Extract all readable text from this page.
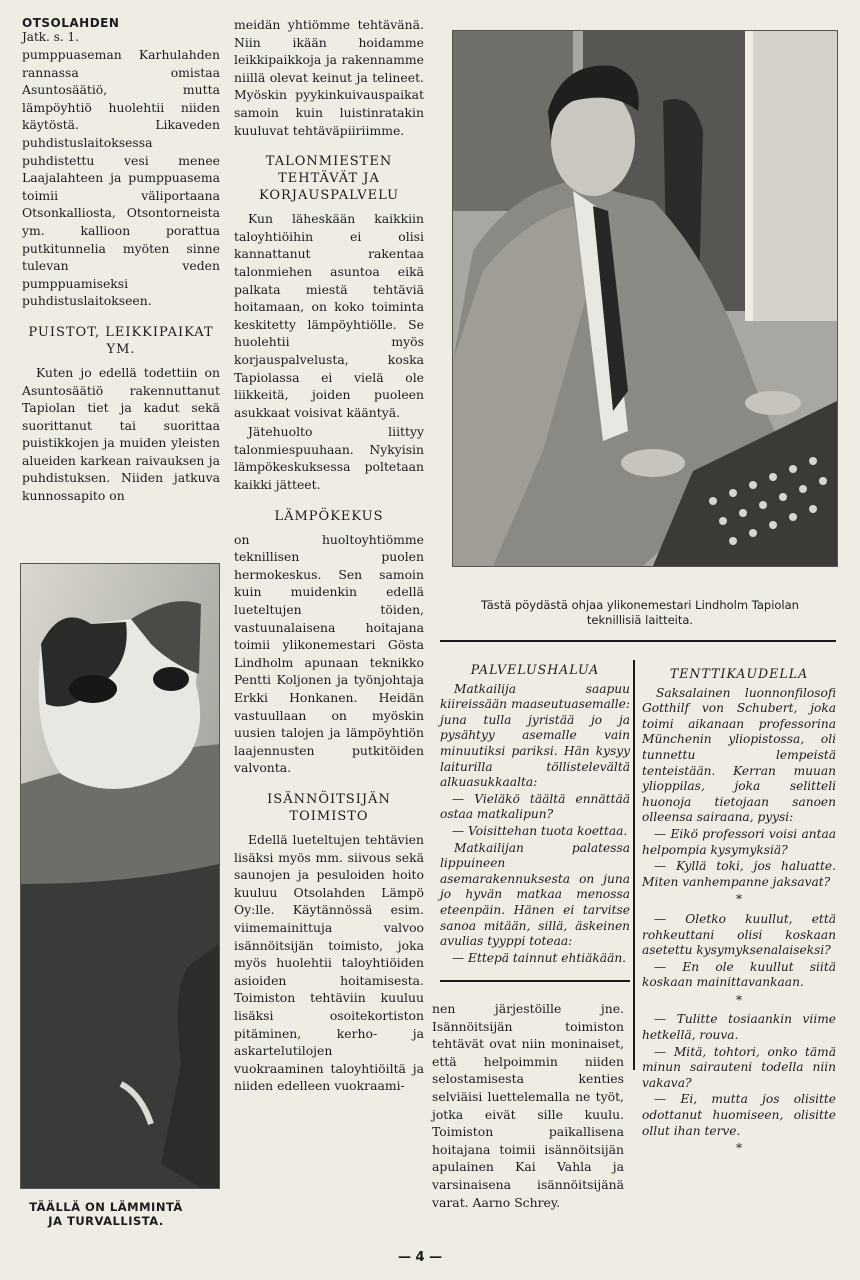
OTSOLAHDEN
Jatk. s. 1.

pumppuaseman Karhulahden rannassa omistaa Asuntosäätiö, mutta lämpöyhtiö huolehtii niiden käytöstä. Likaveden puhdistuslaitoksessa puhdistettu vesi menee Laajalahteen ja pumppuasema toimii väliportaana Otsonkalliosta, Otsontorneista ym. kallioon porattua putkitunnelia myöten sinne tulevan veden pumppuamiseksi puhdistuslaitokseen.

PUISTOT, LEIKKIPAIKAT YM.

Kuten jo edellä todettiin on Asuntosäätiö rakennuttanut Tapiolan tiet ja kadut sekä suorittanut tai suorittaa puistikkojen ja muiden yleisten alueiden karkean raivauksen ja puhdistuksen. Niiden jatkuva kunnossapito on

TÄÄLLÄ ON LÄMMINTÄ JA TURVALLISTA.

meidän yhtiömme tehtävänä. Niin ikään hoidamme leikkipaikkoja ja rakennamme niillä olevat keinut ja telineet. Myöskin pyykinkuivauspaikat samoin kuin luistinratakin kuuluvat tehtäväpiiriimme.

TALONMIESTEN TEHTÄVÄT JA KORJAUSPALVELU

Kun läheskään kaikkiin taloyhtiöihin ei olisi kannattanut rakentaa talonmiehen asuntoa eikä palkata miestä tehtäviä hoitamaan, on koko toiminta keskitetty lämpöyhtiölle. Se huolehtii myös korjauspalvelusta, koska Tapiolassa ei vielä ole liikkeitä, joiden puoleen asukkaat voisivat kääntyä.

Jätehuolto liittyy talonmiespuuhaan. Nykyisin lämpökeskuksessa poltetaan kaikki jätteet.

LÄMPÖKEKUS

on huoltoyhtiömme teknillisen puolen hermokeskus. Sen samoin kuin muidenkin edellä lueteltujen töiden, vastuunalaisena hoitajana toimii ylikonemestari Gösta Lindholm apunaan teknikko Pentti Koljonen ja työnjohtaja Erkki Honkanen. Heidän vastuullaan on myöskin uusien talojen ja lämpöyhtiön laajennusten putkitöiden valvonta.

ISÄNNÖITSIJÄN TOIMISTO

Edellä lueteltujen tehtävien lisäksi myös mm. siivous sekä saunojen ja pesuloiden hoito kuuluu Otsolahden Lämpö Oy:lle. Käytännössä esim. viimemainittuja valvoo isännöitsijän toimisto, joka myös huolehtii taloyhtiöiden asioiden hoitamisesta. Toimiston tehtäviin kuuluu lisäksi osoitekortiston pitäminen, kerho- ja askartelutilojen vuokraaminen taloyhtiöiltä ja niiden edelleen vuokraami-

Tästä pöydästä ohjaa ylikonemestari Lindholm Tapiolan teknillisiä laitteita.
PALVELUSHALUA

Matkailija saapuu kiireissään maaseutuasemalle: juna tulla jyristää jo ja pysähtyy asemalle vain minuutiksi pariksi. Hän kysyy laiturilla töllistelevältä alkuasukkaalta:

— Vieläkö täältä ennättää ostaa matkalipun?

— Voisittehan tuota koettaa.

Matkailijan palatessa lippuineen asemarakennuksesta on juna jo hyvän matkaa menossa eteenpäin. Hänen ei tarvitse sanoa mitään, sillä, äskeinen avulias tyyppi toteaa:

— Ettepä tainnut ehtiäkään.

nen järjestöille jne. Isännöitsijän toimiston tehtävät ovat niin moninaiset, että helpoimmin niiden selostamisesta kenties selviäisi luettelemalla ne työt, jotka eivät sille kuulu. Toimiston paikallisena hoitajana toimii isännöitsijän apulainen Kai Vahla ja varsinaisena isännöitsijänä varat. Aarno Schrey.

TENTTIKAUDELLA

Saksalainen luonnonfilosofi Gotthilf von Schubert, joka toimi aikanaan professorina Münchenin yliopistossa, oli tunnettu lempeistä tenteistään. Kerran muuan ylioppilas, joka selitteli huonoja tietojaan sanoen olleensa sairaana, pyysi:

— Eikö professori voisi antaa helpompia kysymyksiä?

— Kyllä toki, jos haluatte. Miten vanhempanne jaksavat?

*

— Oletko kuullut, että rohkeuttani olisi koskaan asetettu kysymyksenalaiseksi?

— En ole kuullut siitä koskaan mainittavankaan.

*

— Tulitte tosiaankin viime hetkellä, rouva.

— Mitä, tohtori, onko tämä minun sairauteni todella niin vakava?

— Ei, mutta jos olisitte odottanut huomiseen, olisitte ollut ihan terve.

*
— 4 —
